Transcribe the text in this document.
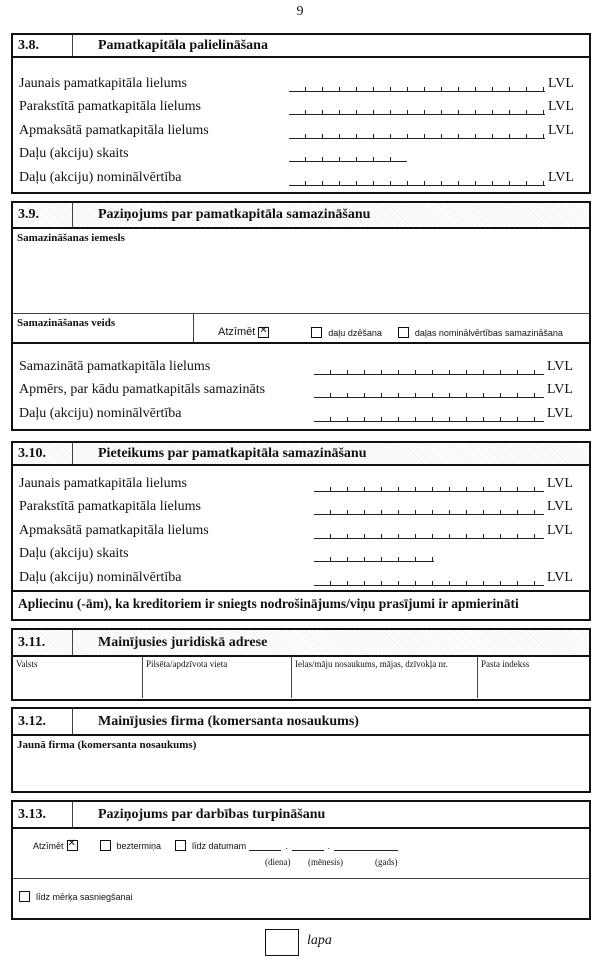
9
3.8.	Pamatkapitāla palielināšana
Jaunais pamatkapitāla lielums	LVL
Parakstītā pamatkapitāla lielums	LVL
Apmaksātā pamatkapitāla lielums	LVL
Daļu (akciju) skaits
Daļu (akciju) nominālvērtība	LVL
3.9.	Paziņojums par pamatkapitāla samazināšanu
Samazināšanas iemesls
Samazināšanas veids
Atzīmēt ✕	daļu dzēšana	daļas nominālvērtības samazināšana
Samazinātā pamatkapitāla lielums	LVL
Apmērs, par kādu pamatkapitāls samazināts	LVL
Daļu (akciju) nominālvērtība	LVL
3.10.	Pieteikums par pamatkapitāla samazināšanu
Jaunais pamatkapitāla lielums	LVL
Parakstītā pamatkapitāla lielums	LVL
Apmaksātā pamatkapitāla lielums	LVL
Daļu (akciju) skaits
Daļu (akciju) nominālvērtība	LVL
Apliecinu (-ām), ka kreditoriem ir sniegts nodrošinājums/viņu prasījumi ir apmierināti
3.11.	Mainījusies juridiskā adrese
Valsts	Pilsēta/apdzīvota vieta	Ielas/māju nosaukums, mājas, dzīvokļa nr.	Pasta indekss
3.12.	Mainījusies firma (komersanta nosaukums)
Jaunā firma (komersanta nosaukums)
3.13.	Paziņojums par darbības turpināšanu
Atzīmēt ✕	beztermiņa	līdz datumam	.	.
(diena) (mēnesis)	(gads)
līdz mērķa sasniegšanai
lapa
